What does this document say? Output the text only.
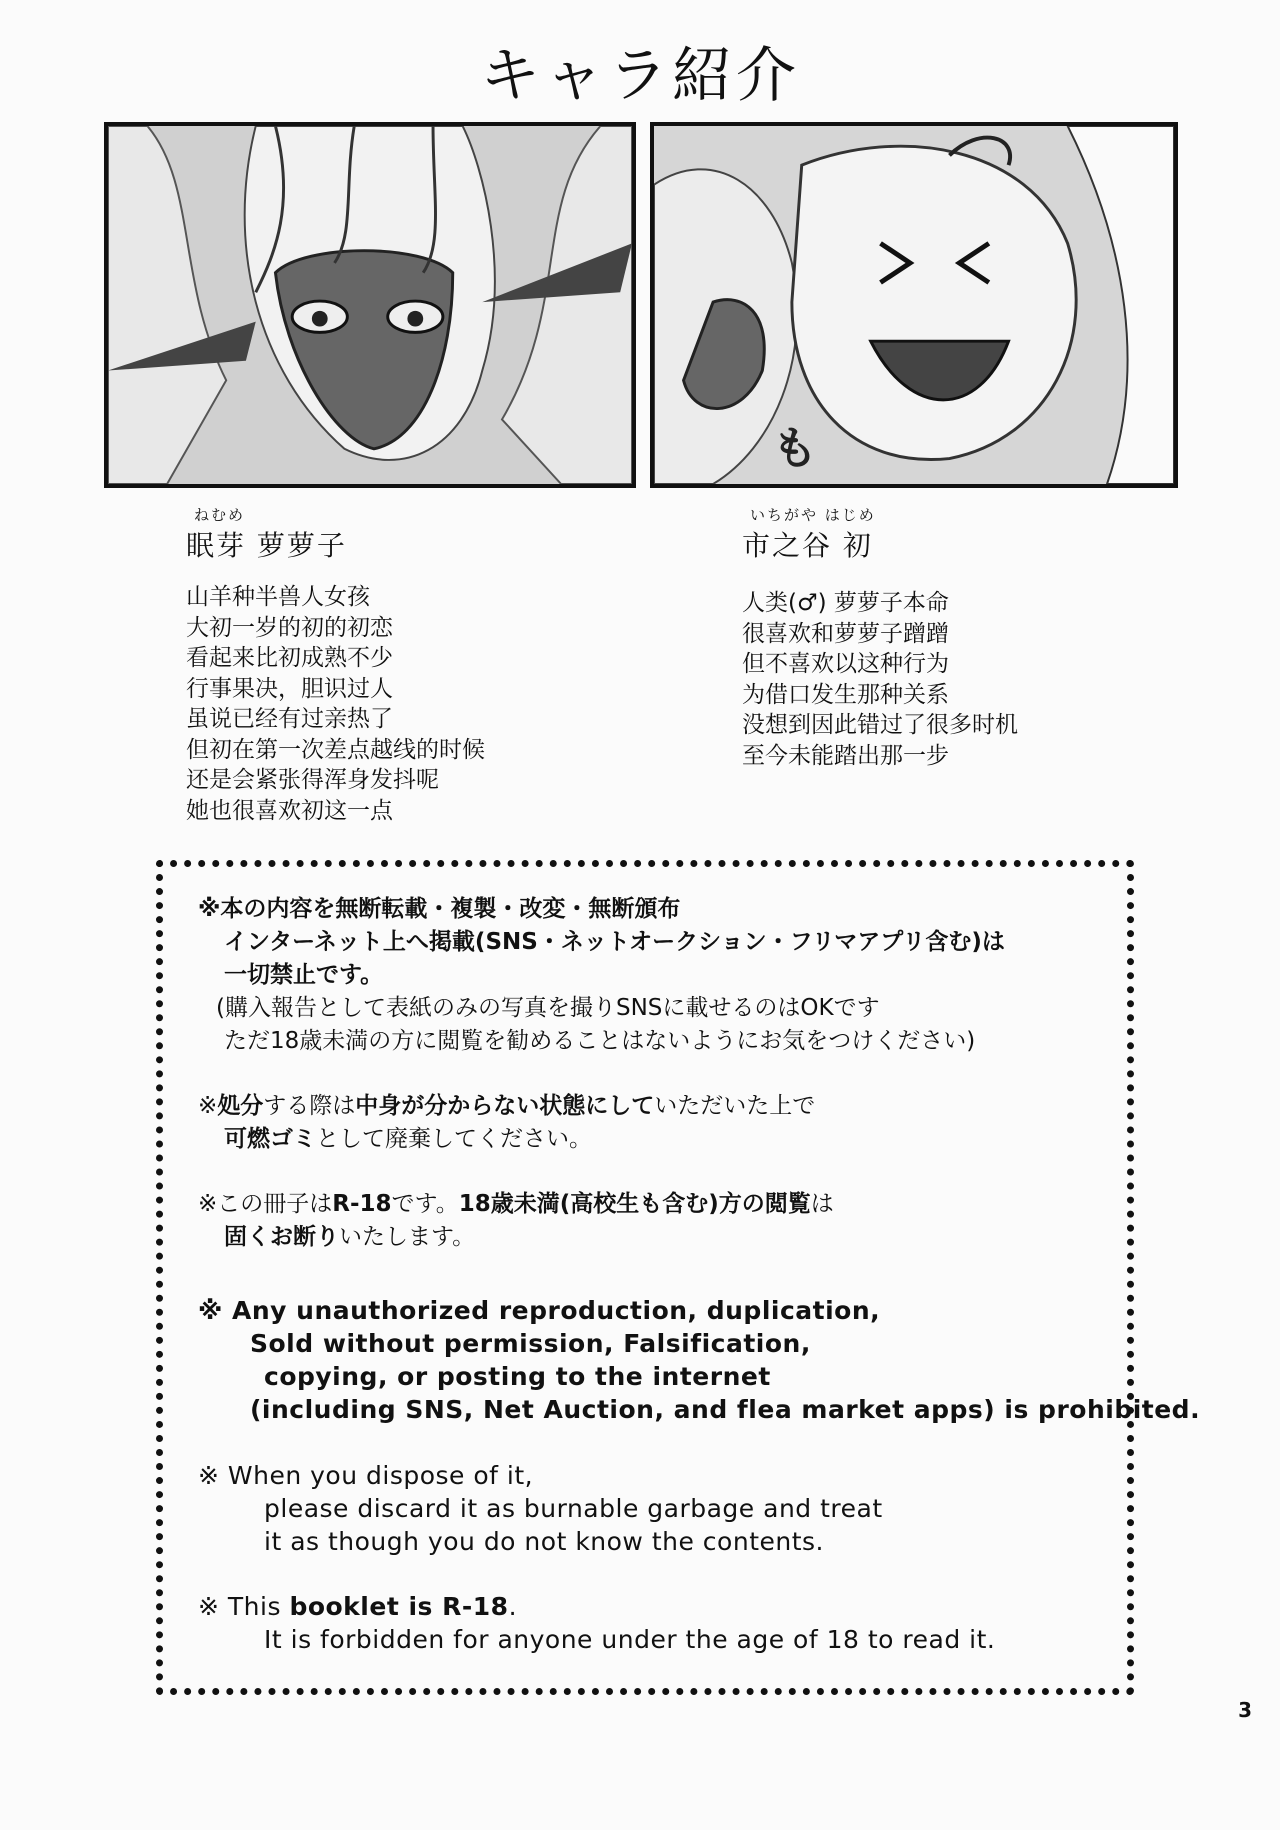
キャラ紹介
も
ねむめ
眠芽 萝萝子
山羊种半兽人女孩
大初一岁的初的初恋
看起来比初成熟不少
行事果决，胆识过人
虽说已经有过亲热了
但初在第一次差点越线的时候
还是会紧张得浑身发抖呢
她也很喜欢初这一点
いちがや はじめ
市之谷 初
人类(♂) 萝萝子本命
很喜欢和萝萝子蹭蹭
但不喜欢以这种行为
为借口发生那种关系
没想到因此错过了很多时机
至今未能踏出那一步
※本の内容を無断転載・複製・改変・無断頒布
インターネット上へ掲載(SNS・ネットオークション・フリマアプリ含む)は
一切禁止です。
(購入報告として表紙のみの写真を撮りSNSに載せるのはOKです
ただ18歳未満の方に閲覧を勧めることはないようにお気をつけください)
※処分する際は中身が分からない状態にしていただいた上で
可燃ゴミとして廃棄してください。
※この冊子はR-18です。18歳未満(高校生も含む)方の閲覧は
固くお断りいたします。
※ Any unauthorized reproduction, duplication,
Sold without permission, Falsification,
copying, or posting to the internet
(including SNS, Net Auction, and flea market apps) is prohibited.
※ When you dispose of it,
please discard it as burnable garbage and treat
it as though you do not know the contents.
※ This booklet is R-18.
It is forbidden for anyone under the age of 18 to read it.
3
